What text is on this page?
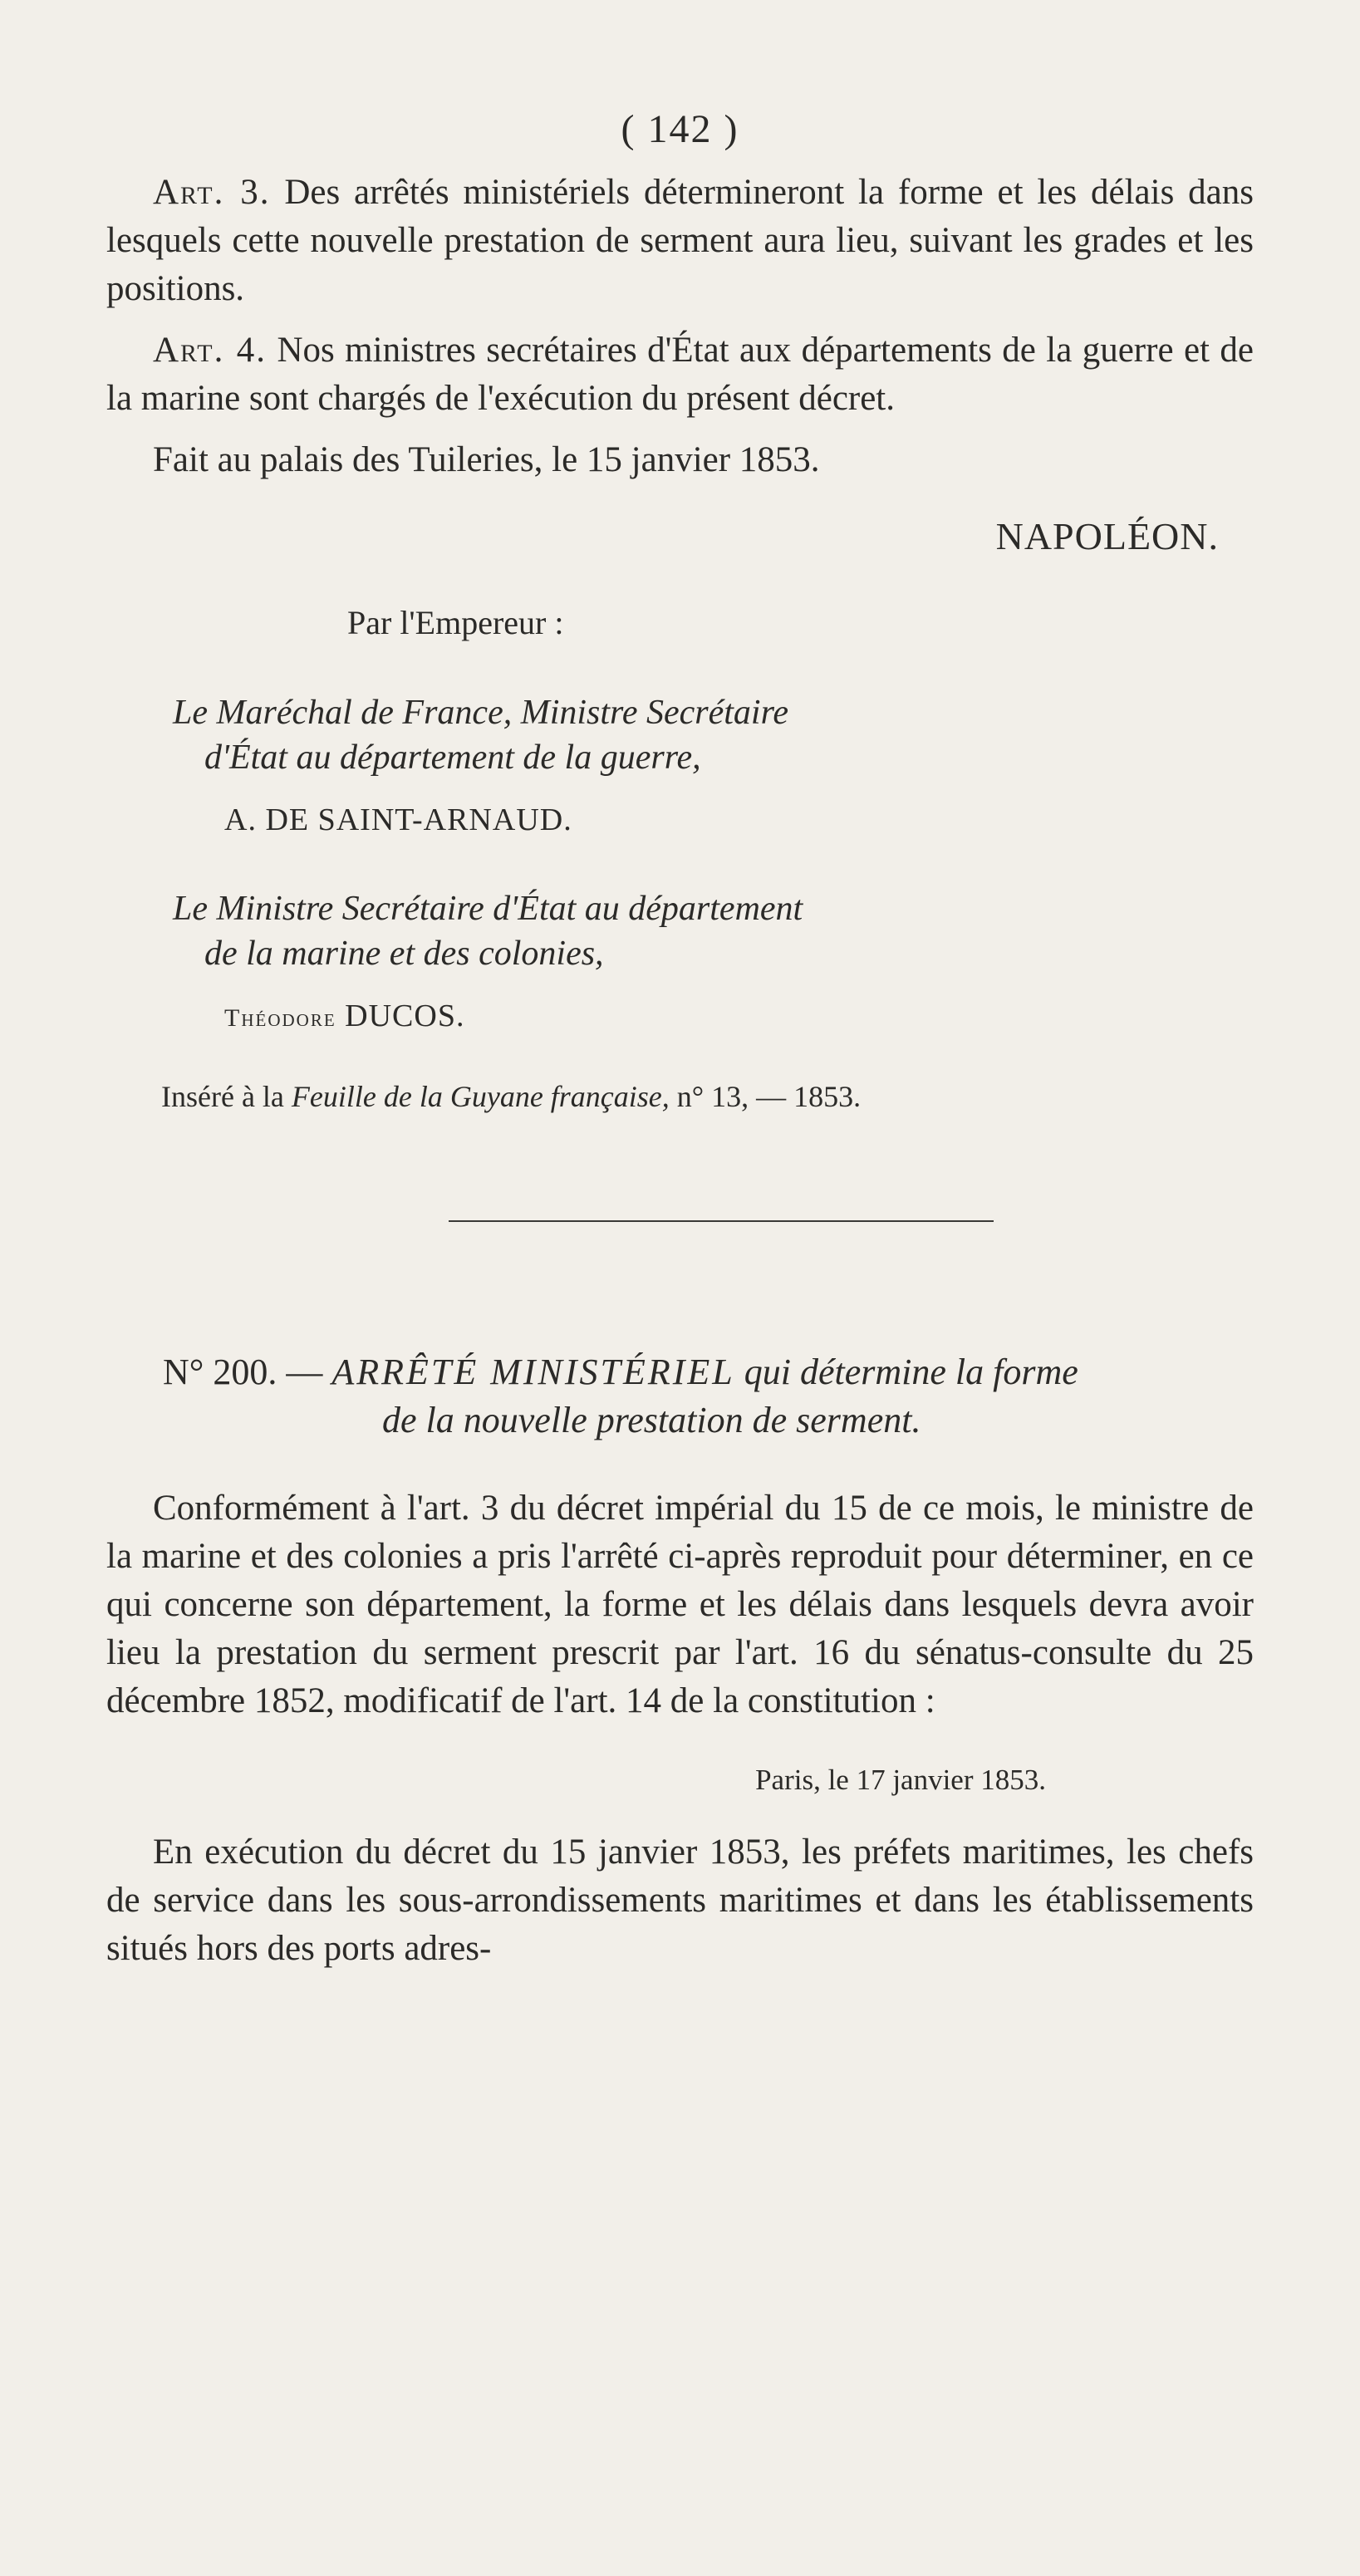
( 142 )

Art. 3. Des arrêtés ministériels détermineront la forme et les délais dans lesquels cette nouvelle prestation de serment aura lieu, suivant les grades et les positions.

Art. 4. Nos ministres secrétaires d'État aux départements de la guerre et de la marine sont chargés de l'exécution du présent décret.

Fait au palais des Tuileries, le 15 janvier 1853.

NAPOLÉON.

Par l'Empereur :

Le Maréchal de France, Ministre Secrétaire
d'État au département de la guerre,

A. DE SAINT-ARNAUD.

Le Ministre Secrétaire d'État au département
de la marine et des colonies,

Théodore DUCOS.

Inséré à la Feuille de la Guyane française, n° 13, — 1853.

N° 200. — ARRÊTÉ MINISTÉRIEL qui détermine la forme
de la nouvelle prestation de serment.

Conformément à l'art. 3 du décret impérial du 15 de ce mois, le ministre de la marine et des colonies a pris l'arrêté ci-après reproduit pour déterminer, en ce qui concerne son département, la forme et les délais dans lesquels devra avoir lieu la prestation du serment prescrit par l'art. 16 du sénatus-consulte du 25 décembre 1852, modificatif de l'art. 14 de la constitution :

Paris, le 17 janvier 1853.

En exécution du décret du 15 janvier 1853, les préfets maritimes, les chefs de service dans les sous-arrondissements maritimes et dans les établissements situés hors des ports adres-
